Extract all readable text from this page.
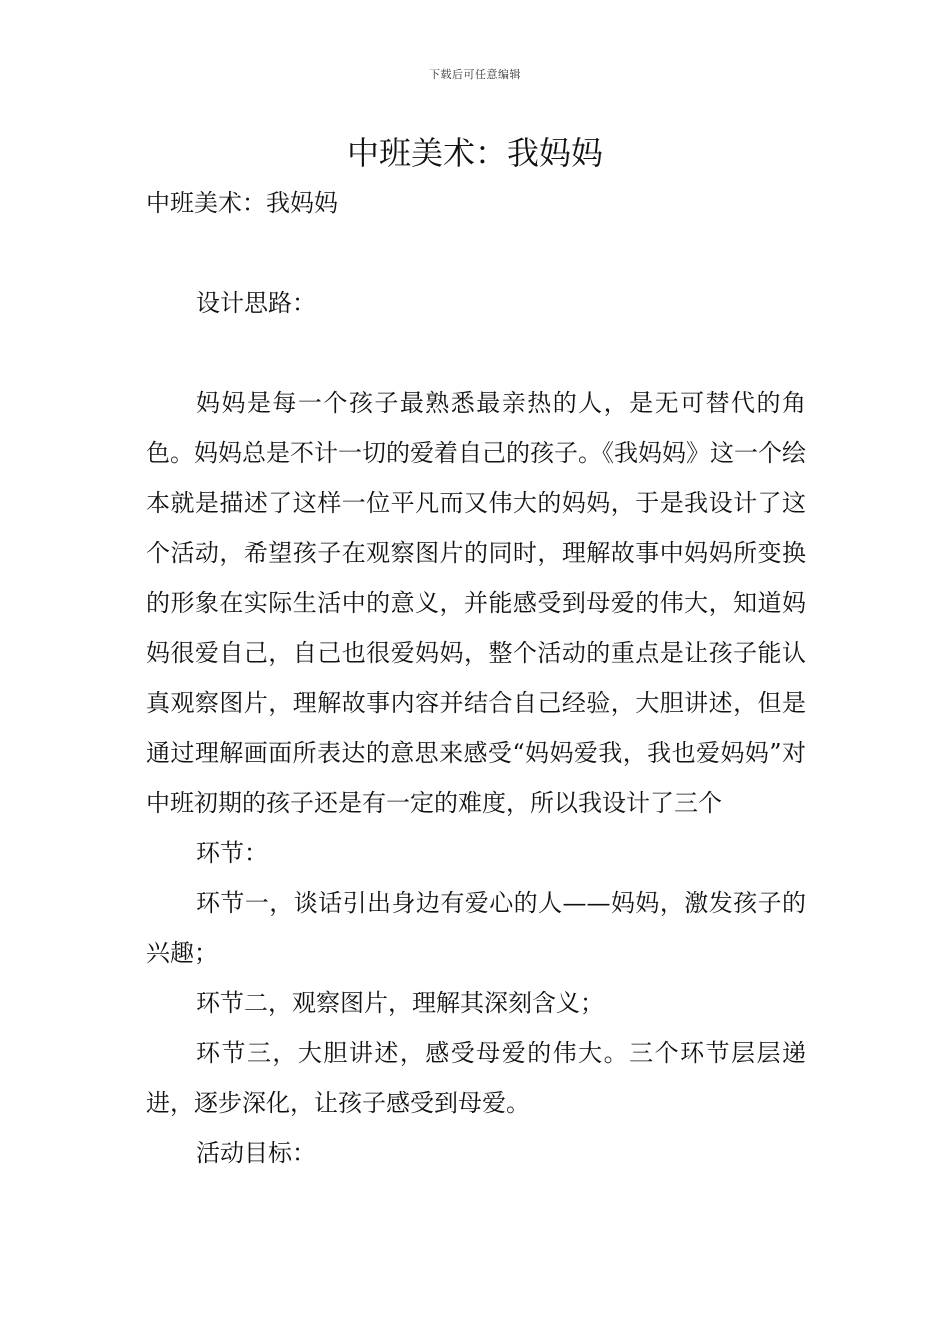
下载后可任意编辑
中班美术：我妈妈

中班美术：我妈妈

设计思路：

妈妈是每一个孩子最熟悉最亲热的人，是无可替代的角色。妈妈总是不计一切的爱着自己的孩子。《我妈妈》这一个绘本就是描述了这样一位平凡而又伟大的妈妈，于是我设计了这个活动，希望孩子在观察图片的同时，理解故事中妈妈所变换的形象在实际生活中的意义，并能感受到母爱的伟大，知道妈妈很爱自己，自己也很爱妈妈，整个活动的重点是让孩子能认真观察图片，理解故事内容并结合自己经验，大胆讲述，但是通过理解画面所表达的意思来感受“妈妈爱我，我也爱妈妈”对中班初期的孩子还是有一定的难度，所以我设计了三个

环节：

环节一，谈话引出身边有爱心的人——妈妈，激发孩子的兴趣；

环节二，观察图片，理解其深刻含义；

环节三，大胆讲述，感受母爱的伟大。三个环节层层递进，逐步深化，让孩子感受到母爱。

活动目标：
